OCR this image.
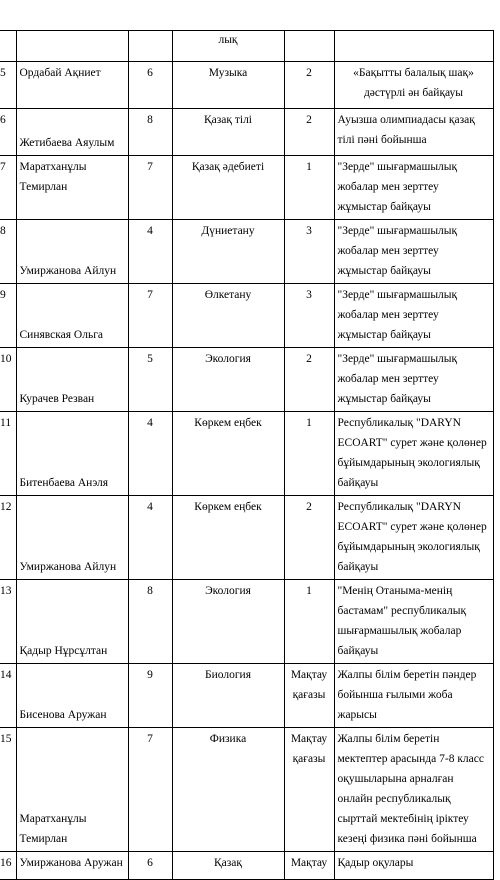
			лық		
5	Ордабай Ақниет	6	Музыка	2	«Бақытты балалық шақ» дәстүрлі ән байқауы
6	Жетибаева Аяулым	8	Қазақ тілі	2	Ауызша олимпиадасы қазақ тілі пәні бойынша
7	Маратханұлы Темирлан	7	Қазақ әдебиеті	1	"Зерде" шығармашылық жобалар мен зерттеу жұмыстар байқауы
8	Умиржанова Айлун	4	Дүниетану	3	"Зерде" шығармашылық жобалар мен зерттеу жұмыстар байқауы
9	Синявская Ольга	7	Өлкетану	3	"Зерде" шығармашылық жобалар мен зерттеу жұмыстар байқауы
10	Курачев Резван	5	Экология	2	"Зерде" шығармашылық жобалар мен зерттеу жұмыстар байқауы
11	Битенбаева Анэля	4	Көркем еңбек	1	Республикалық "DARYN ECOART" сурет және қолөнер бұйымдарының экологиялық байқауы
12	Умиржанова Айлун	4	Көркем еңбек	2	Республикалық "DARYN ECOART" сурет және қолөнер бұйымдарының экологиялық байқауы
13	Қадыр Нұрсұлтан	8	Экология	1	"Менің Отаныма-менің бастамам" республикалық шығармашылық жобалар байқауы
14	Бисенова Аружан	9	Биология	Мақтау қағазы	Жалпы білім беретін пәндер бойынша ғылыми жоба жарысы
15	Маратханұлы Темирлан	7	Физика	Мақтау қағазы	Жалпы білім беретін мектептер арасында 7-8 класс оқушыларына арналған онлайн республикалық сырттай мектебінің іріктеу кезеңі физика пәні бойынша
16	Умиржанова Аружан	6	Қазақ	Мақтау	Қадыр оқулары
